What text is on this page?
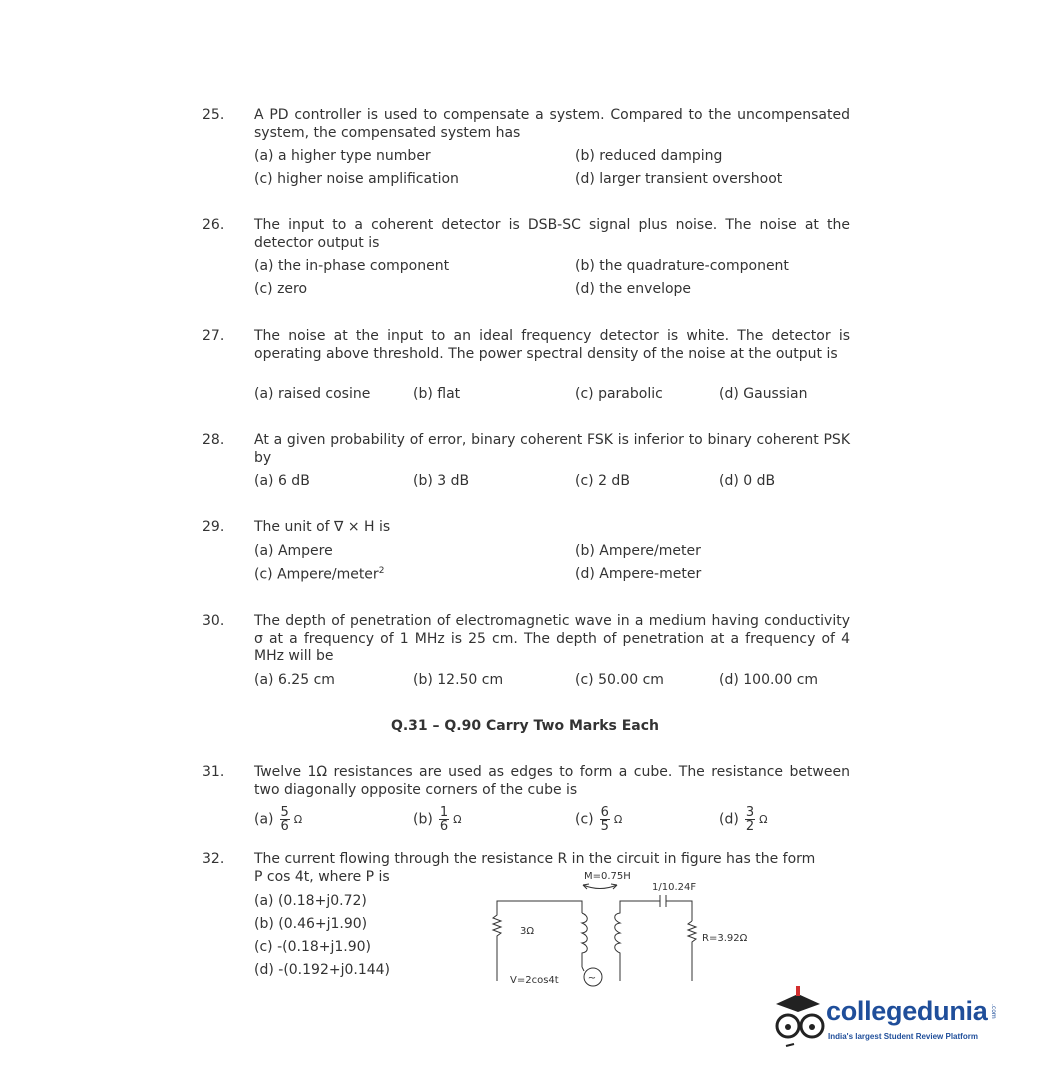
25. A PD controller is used to compensate a system. Compared to the uncompensated system, the compensated system has
(a) a higher type number	(b) reduced damping
(c) higher noise amplification	(d) larger transient overshoot
26. The input to a coherent detector is DSB-SC signal plus noise. The noise at the detector output is
(a) the in-phase component	(b) the quadrature-component
(c) zero	(d) the envelope
27. The noise at the input to an ideal frequency detector is white. The detector is operating above threshold. The power spectral density of the noise at the output is
(a) raised cosine	(b) flat	(c) parabolic	(d) Gaussian
28. At a given probability of error, binary coherent FSK is inferior to binary coherent PSK by
(a) 6 dB	(b) 3 dB	(c) 2 dB	(d) 0 dB
29. The unit of ∇ × H is
(a) Ampere	(b) Ampere/meter
(c) Ampere/meter$^2$	(d) Ampere-meter
30. The depth of penetration of electromagnetic wave in a medium having conductivity σ at a frequency of 1 MHz is 25 cm. The depth of penetration at a frequency of 4 MHz will be
(a) 6.25 cm	(b) 12.50 cm	(c) 50.00 cm	(d) 100.00 cm
Q.31 – Q.90 Carry Two Marks Each
31. Twelve 1Ω resistances are used as edges to form a cube. The resistance between two diagonally opposite corners of the cube is
$(a) \frac{5}{6}$ Ω	$(b) \frac{1}{6}$ Ω	$(c) \frac{6}{5}$ Ω	$(d) \frac{3}{2}$ Ω
32. The current flowing through the resistance R in the circuit in figure has the form
P cos 4t, where P is
(a) (0.18+j0.72)
(b) (0.46+j1.90)
(c) -(0.18+j1.90)
(d) -(0.192+j0.144)
~
M=0.75H
1/10.24F
3Ω
R=3.92Ω
V=2cos4t
collegedunia .com
India's largest Student Review Platform
